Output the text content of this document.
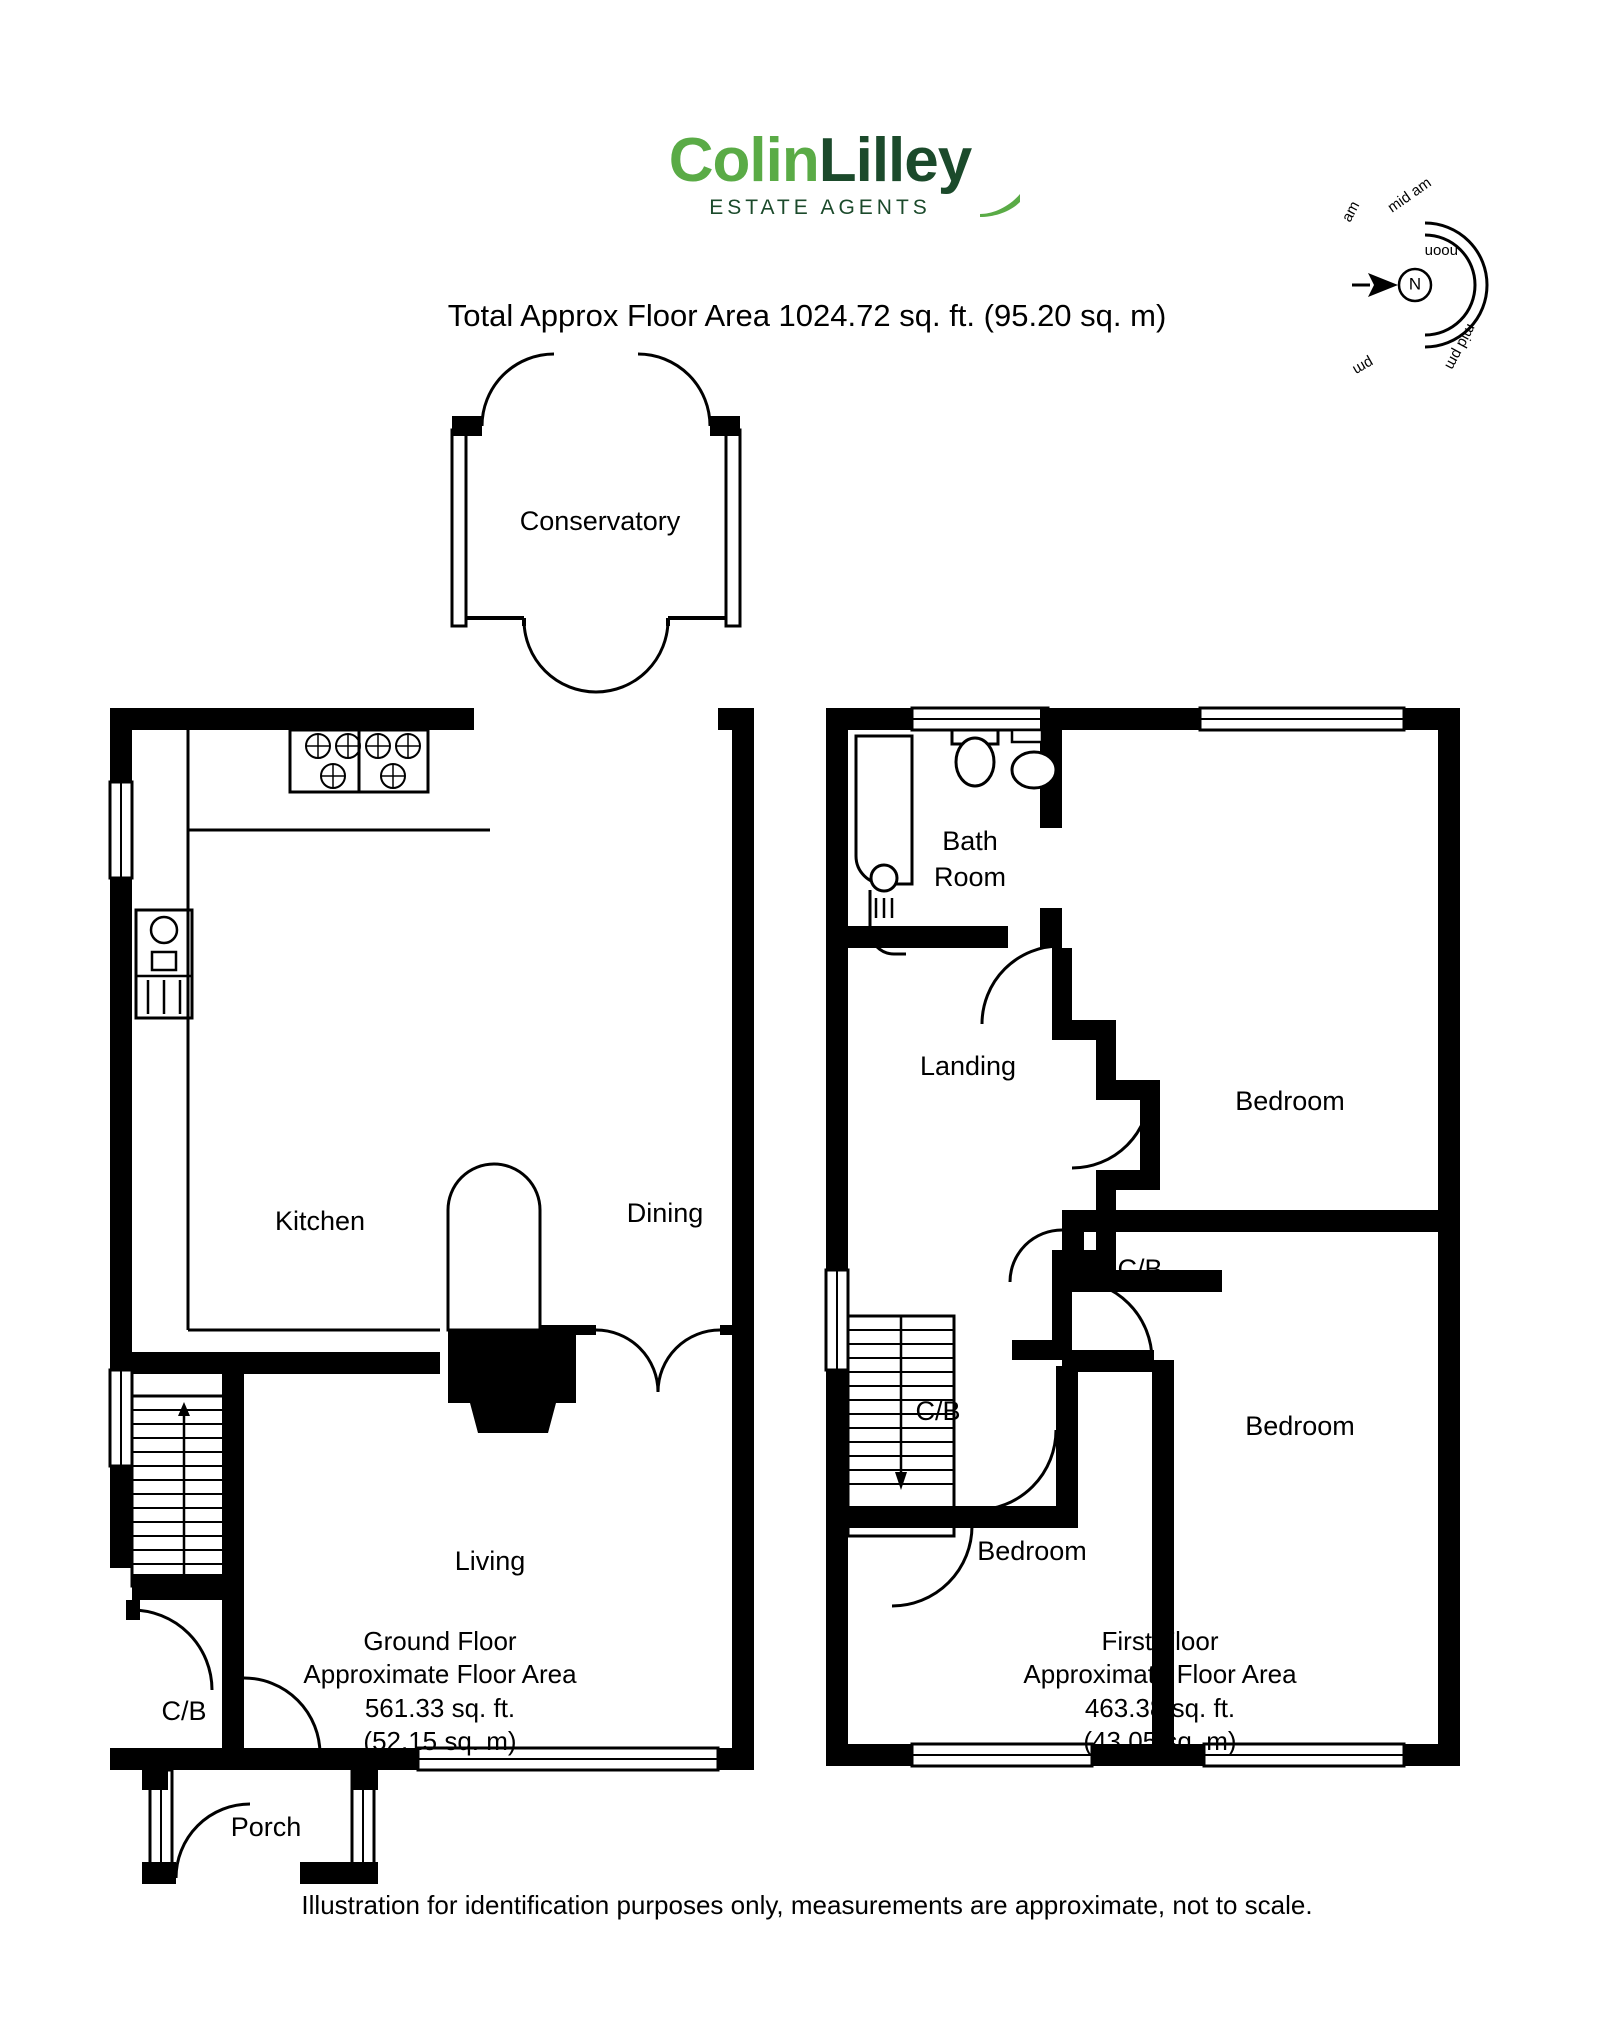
ColinLilley
ESTATE AGENTS
Total Approx Floor Area 1024.72 sq. ft. (95.20 sq. m)
N
am mid am
noon
mid pm
pm
Conservatory
Kitchen	Dining
Living
C/B
Porch
Bath
Room
Landing
Bedroom
C/B
Bedroom
C/B
Bedroom
Ground Floor
Approximate Floor Area
561.33 sq. ft.
(52.15 sq. m)
First Floor
Approximate Floor Area
463.38 sq. ft.
(43.05 sq. m)
Illustration for identification purposes only, measurements are approximate, not to scale.
